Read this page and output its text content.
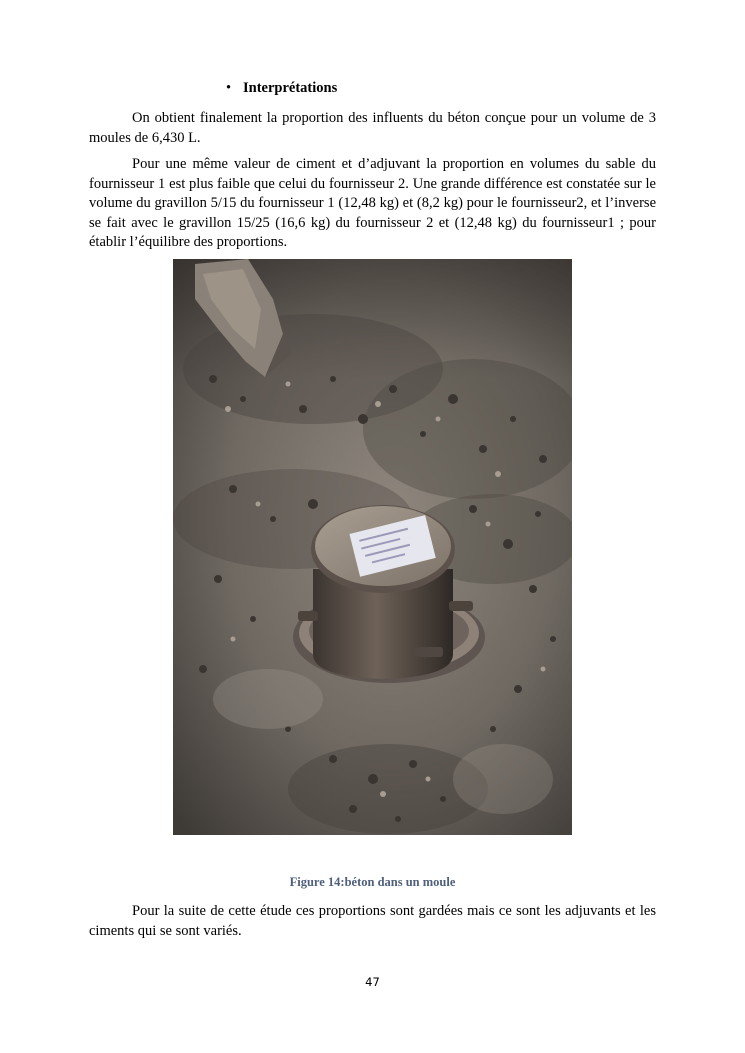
• Interprétations

On obtient finalement la proportion des influents du béton conçue pour un volume de 3 moules de 6,430 L.

Pour une même valeur de ciment et d’adjuvant la proportion en volumes du sable du fournisseur 1 est plus faible que celui du fournisseur 2. Une grande différence est constatée sur le volume du gravillon 5/15 du fournisseur 1 (12,48 kg) et (8,2 kg) pour le fournisseur2, et l’inverse se fait avec le gravillon 15/25 (16,6 kg) du fournisseur 2 et (12,48 kg) du fournisseur1 ; pour établir l’équilibre des proportions.

Figure 14:béton dans un moule

Pour la suite de cette étude ces proportions sont gardées mais ce sont les adjuvants et les ciments qui se sont variés.

47
